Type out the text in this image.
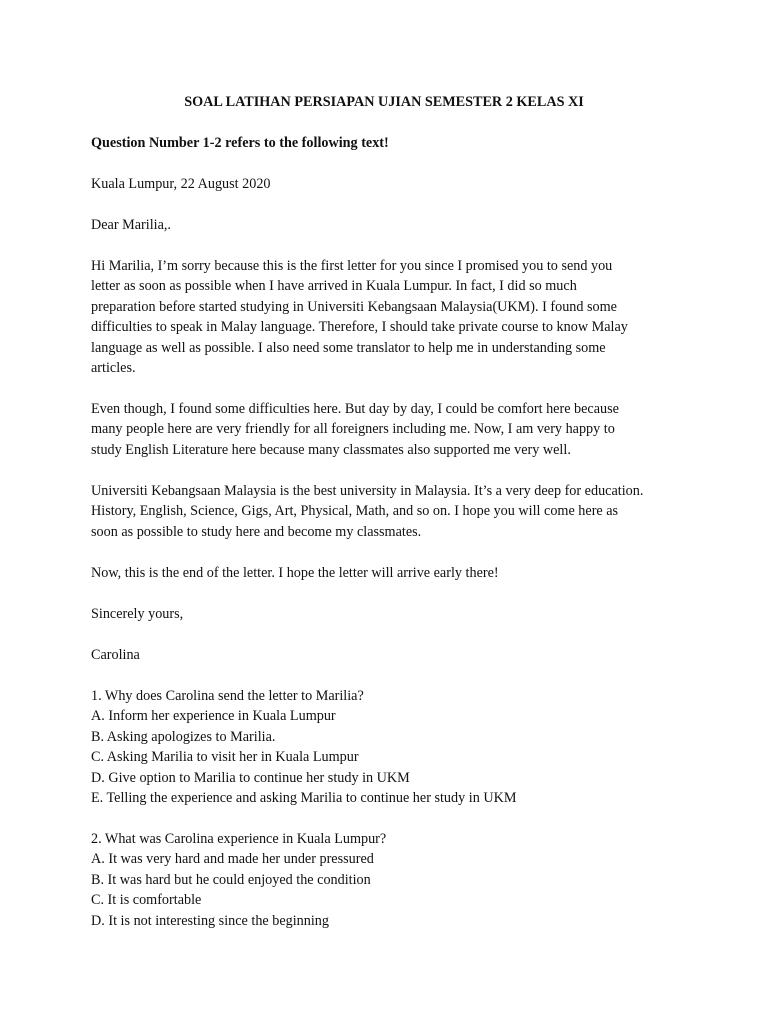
SOAL LATIHAN PERSIAPAN UJIAN SEMESTER 2 KELAS XI

Question Number 1-2 refers to the following text!

Kuala Lumpur, 22 August 2020

Dear Marilia,.

Hi Marilia, I’m sorry because this is the first letter for you since I promised you to send you
letter as soon as possible when I have arrived in Kuala Lumpur. In fact, I did so much
preparation before started studying in Universiti Kebangsaan Malaysia(UKM). I found some
difficulties to speak in Malay language. Therefore, I should take private course to know Malay
language as well as possible. I also need some translator to help me in understanding some
articles.
Even though, I found some difficulties here. But day by day, I could be comfort here because
many people here are very friendly for all foreigners including me. Now, I am very happy to
study English Literature here because many classmates also supported me very well.
Universiti Kebangsaan Malaysia is the best university in Malaysia. It’s a very deep for education.
History, English, Science, Gigs, Art, Physical, Math, and so on. I hope you will come here as
soon as possible to study here and become my classmates.

Now, this is the end of the letter. I hope the letter will arrive early there!

Sincerely yours,

Carolina

1. Why does Carolina send the letter to Marilia?
A. Inform her experience in Kuala Lumpur
B. Asking apologizes to Marilia.
C. Asking Marilia to visit her in Kuala Lumpur
D. Give option to Marilia to continue her study in UKM
E. Telling the experience and asking Marilia to continue her study in UKM
2. What was Carolina experience in Kuala Lumpur?
A. It was very hard and made her under pressured
B. It was hard but he could enjoyed the condition
C. It is comfortable
D. It is not interesting since the beginning
